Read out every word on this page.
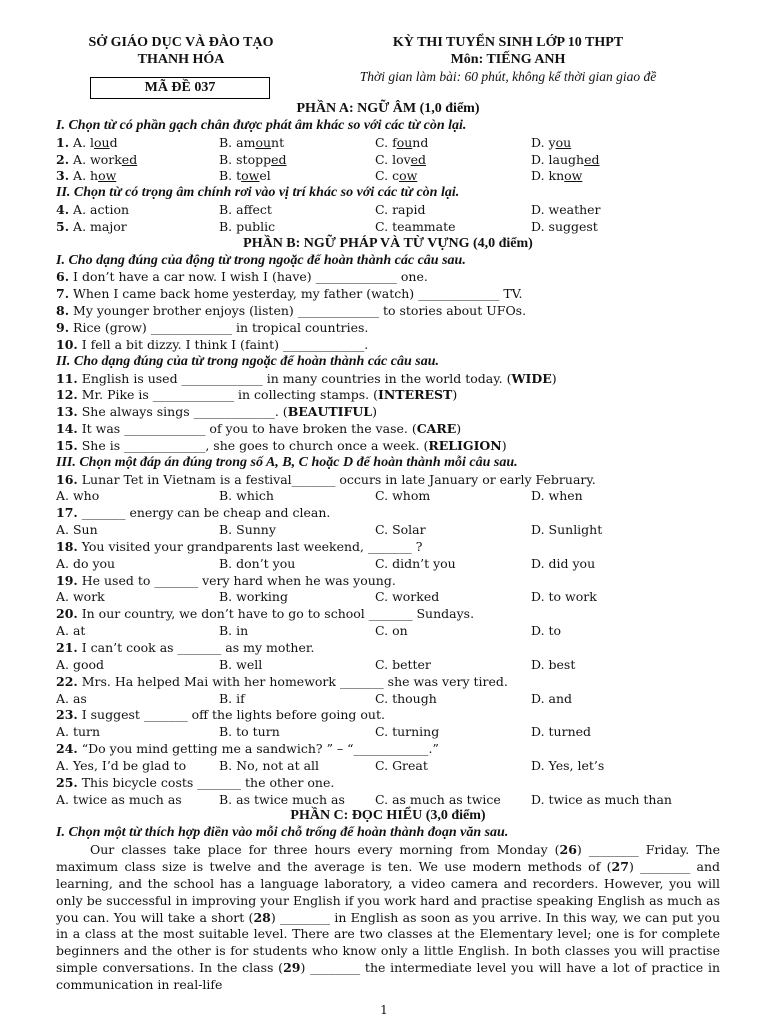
SỞ GIÁO DỤC VÀ ĐÀO TẠO
THANH HÓA
MÃ ĐỀ 037
KỲ THI TUYỂN SINH LỚP 10 THPT
Môn: TIẾNG ANH
Thời gian làm bài: 60 phút, không kể thời gian giao đề
PHẦN A: NGỮ ÂM (1,0 điểm)
I. Chọn từ có phần gạch chân được phát âm khác so với các từ còn lại.
1. A. loud	B. amount	C. found	D. you
2. A. worked	B. stopped	C. loved	D. laughed
3. A. how	B. towel	C. cow	D. know
II. Chọn từ có trọng âm chính rơi vào vị trí khác so với các từ còn lại.
4. A. action	B. affect	C. rapid	D. weather
5. A. major	B. public	C. teammate	D. suggest
PHẦN B: NGỮ PHÁP VÀ TỪ VỰNG (4,0 điểm)
I. Cho dạng đúng của động từ trong ngoặc để hoàn thành các câu sau.
6. I don’t have a car now. I wish I (have) _____________ one.
7. When I came back home yesterday, my father (watch) _____________ TV.
8. My younger brother enjoys (listen) _____________ to stories about UFOs.
9. Rice (grow) _____________ in tropical countries.
10. I fell a bit dizzy. I think I (faint) _____________.
II. Cho dạng đúng của từ trong ngoặc để hoàn thành các câu sau.
11. English is used _____________ in many countries in the world today. (WIDE)
12. Mr. Pike is _____________ in collecting stamps. (INTEREST)
13. She always sings _____________. (BEAUTIFUL)
14. It was _____________ of you to have broken the vase. (CARE)
15. She is _____________, she goes to church once a week. (RELIGION)
III. Chọn một đáp án đúng trong số A, B, C hoặc D để hoàn thành mỗi câu sau.
16. Lunar Tet in Vietnam is a festival_______ occurs in late January or early February.
A. who	B. which	C. whom	D. when
17. _______ energy can be cheap and clean.
A. Sun	B. Sunny	C. Solar	D. Sunlight
18. You visited your grandparents last weekend, _______ ?
A. do you	B. don’t you	C. didn’t you	D. did you
19. He used to _______ very hard when he was young.
A. work	B. working	C. worked	D. to work
20. In our country, we don’t have to go to school _______ Sundays.
A. at	B. in	C. on	D. to
21. I can’t cook as _______ as my mother.
A. good	B. well	C. better	D. best
22. Mrs. Ha helped Mai with her homework _______ she was very tired.
A. as	B. if	C. though	D. and
23. I suggest _______ off the lights before going out.
A. turn	B. to turn	C. turning	D. turned
24. “Do you mind getting me a sandwich? ” – “____________.”
A. Yes, I’d be glad to	B. No, not at all	C. Great	D. Yes, let’s
25. This bicycle costs _______ the other one.
A. twice as much as	B. as twice much as C. as much as twice D. twice as much than
PHẦN C: ĐỌC HIỂU (3,0 điểm)
I. Chọn một từ thích hợp điền vào mỗi chỗ trống để hoàn thành đoạn văn sau.
Our classes take place for three hours every morning from Monday (26) ________ Friday. The maximum class size is twelve and the average is ten. We use modern methods of (27) ________ and learning, and the school has a language laboratory, a video camera and recorders. However, you will only be successful in improving your English if you work hard and practise speaking English as much as you can. You will take a short (28) ________ in English as soon as you arrive. In this way, we can put you in a class at the most suitable level. There are two classes at the Elementary level; one is for complete beginners and the other is for students who know only a little English. In both classes you will practise simple conversations. In the class (29) ________ the intermediate level you will have a lot of practice in communication in real-life
1
